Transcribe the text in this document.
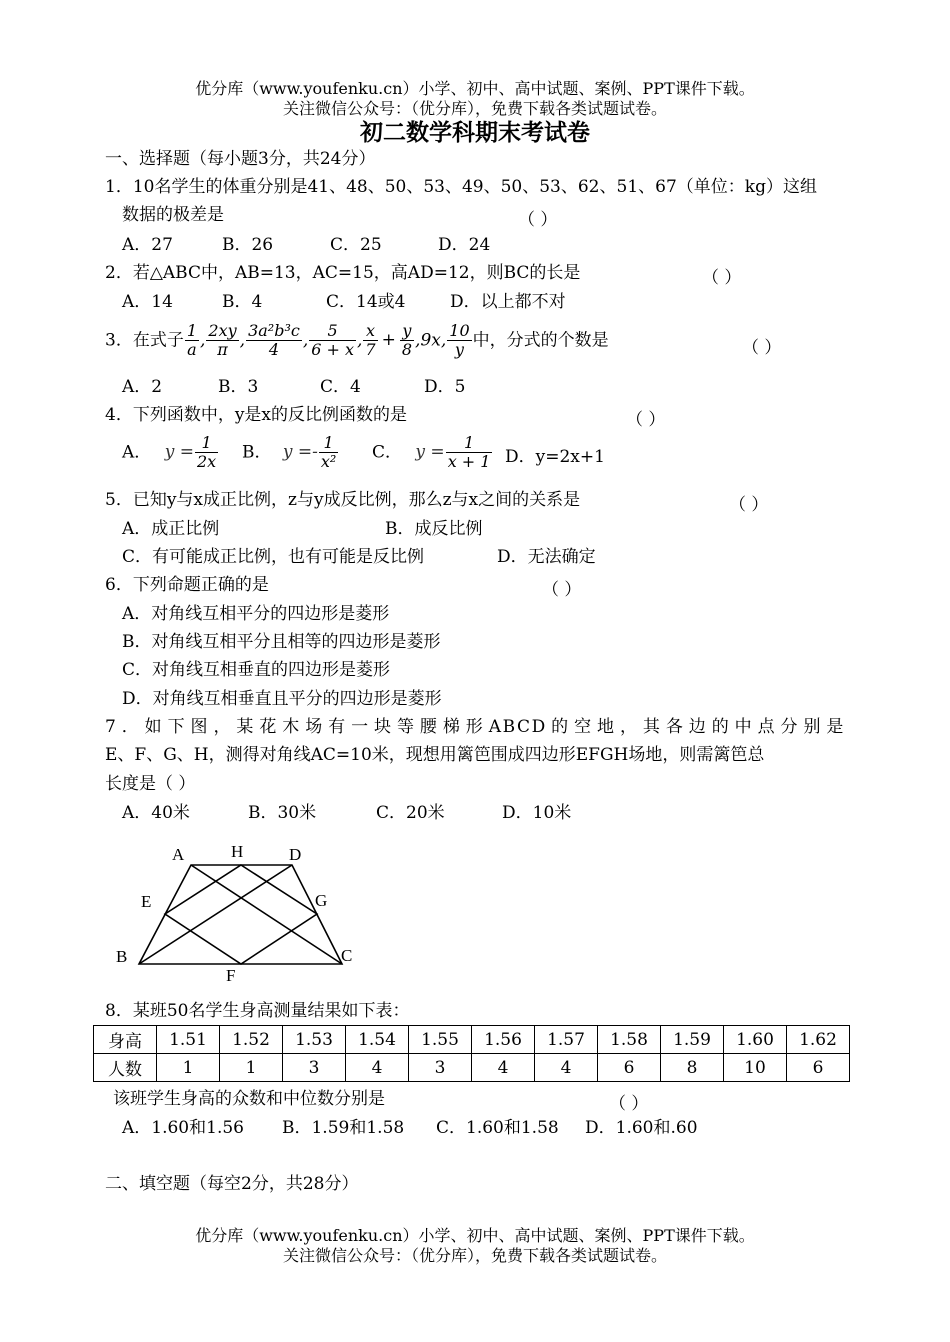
优分库（www.youfenku.cn）小学、初中、高中试题、案例、PPT课件下载。
关注微信公众号：（优分库），免费下载各类试题试卷。
初二数学科期末考试卷
一、选择题（每小题3分，共24分）
1．10名学生的体重分别是41、48、50、53、49、50、53、62、51、67（单位：kg）这组
数据的极差是	（ ）
A．27	B．26	C．25	D．24
2．若△ABC中，AB=13，AC=15，高AD=12，则BC的长是	（ ）
A．14	B．4	C．14或4	D．以上都不对
3．在式子 $\frac{1}{a}$ , $\frac{2xy}{\pi}$ , $\frac{\text{3a²b³c}}{4}$ , $\frac{5}{6 + x}$ , $\frac{x}{7} + \frac{y}{8} ,9x$, $\frac{10}{y}$ 中，分式的个数是	（ ）
A．2	B．3	C．4	D．5
4．下列函数中，y是x的反比例函数的是	（ ）
A． $y = \frac{1}{2x}$ B． $y =- \frac{1}{\text{x²}}$ C． $y = \frac{1}{x + 1}$ D．y=2x+1
5．已知y与x成正比例，z与y成反比例，那么z与x之间的关系是	（ ）
A．成正比例	B．成反比例
C．有可能成正比例，也有可能是反比例	D．无法确定
6．下列命题正确的是	（ ）
A．对角线互相平分的四边形是菱形
B．对角线互相平分且相等的四边形是菱形
C．对角线互相垂直的四边形是菱形
D．对角线互相垂直且平分的四边形是菱形
7．如下图，某花木场有一块等腰梯形ABCD的空地，其各边的中点分别是
E、F、G、H，测得对角线AC=10米，现想用篱笆围成四边形EFGH场地，则需篱笆总
长度是（ ）
A．40米	B．30米	C．20米	D．10米
A	H	D
E	G
B
F
C
8．某班50名学生身高测量结果如下表：
身高	1.51	1.52	1.53	1.54	1.55	1.56	1.57	1.58	1.59	1.60	1.62
人数	1	1	3	4	3	4	4	6	8	10	6
该班学生身高的众数和中位数分别是	（ ）
A．1.60和1.56 B．1.59和1.58 C．1.60和1.58 D．1.60和.60
二、填空题（每空2分，共28分）
优分库（www.youfenku.cn）小学、初中、高中试题、案例、PPT课件下载。
关注微信公众号：（优分库），免费下载各类试题试卷。
